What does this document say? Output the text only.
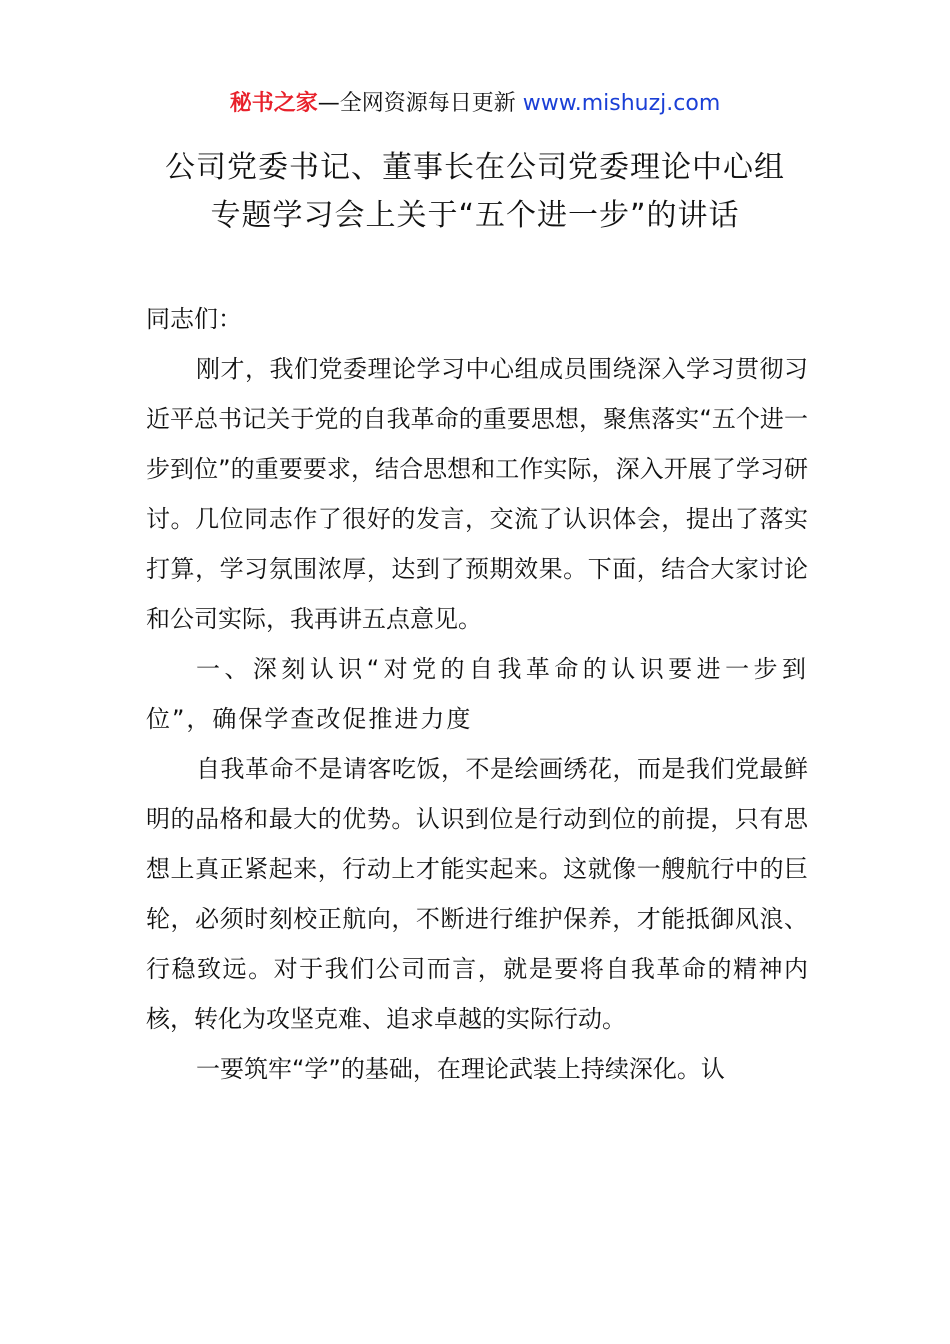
秘书之家—全网资源每日更新 www.mishuzj.com
公司党委书记、董事长在公司党委理论中心组
专题学习会上关于“五个进一步”的讲话

同志们：

刚才，我们党委理论学习中心组成员围绕深入学习贯彻习近平总书记关于党的自我革命的重要思想，聚焦落实“五个进一步到位”的重要要求，结合思想和工作实际，深入开展了学习研讨。几位同志作了很好的发言，交流了认识体会，提出了落实打算，学习氛围浓厚，达到了预期效果。下面，结合大家讨论和公司实际，我再讲五点意见。

一、深刻认识“对党的自我革命的认识要进一步到位”，确保学查改促推进力度

自我革命不是请客吃饭，不是绘画绣花，而是我们党最鲜明的品格和最大的优势。认识到位是行动到位的前提，只有思想上真正紧起来，行动上才能实起来。这就像一艘航行中的巨轮，必须时刻校正航向，不断进行维护保养，才能抵御风浪、行稳致远。对于我们公司而言，就是要将自我革命的精神内核，转化为攻坚克难、追求卓越的实际行动。

一要筑牢“学”的基础，在理论武装上持续深化。认
